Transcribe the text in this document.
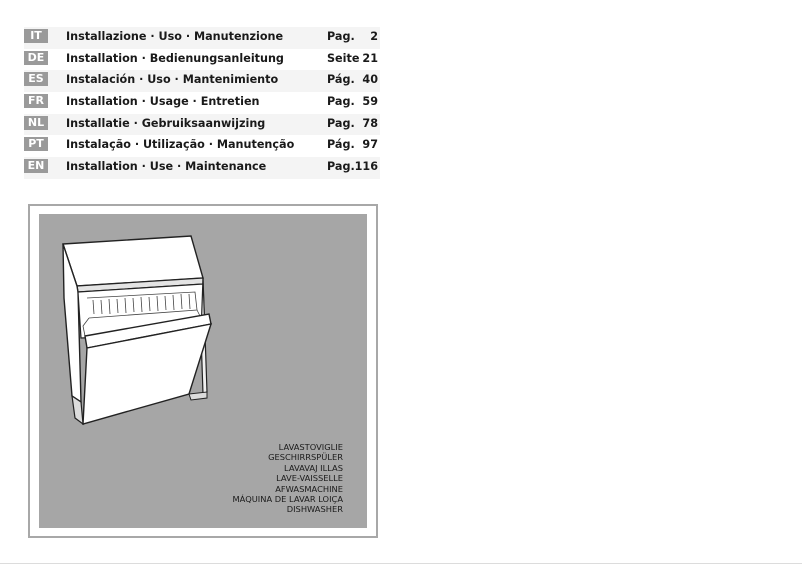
IT	Installazione · Uso · Manutenzione	Pag. 2
DE	Installation · Bedienungsanleitung	Seite 21
ES	Instalación · Uso · Mantenimiento	Pág. 40
FR	Installation · Usage · Entretien	Pag. 59
NL	Installatie · Gebruiksaanwijzing	Pag. 78
PT	Instalação · Utilização · Manutenção	Pág. 97
EN	Installation · Use · Maintenance	Pag. 116
LAVASTOVIGLIE
GESCHIRRSPÜLER
LAVAVAJ ILLAS
LAVE-VAISSELLE
AFWASMACHINE
MÁQUINA DE LAVAR LOIÇA
DISHWASHER
